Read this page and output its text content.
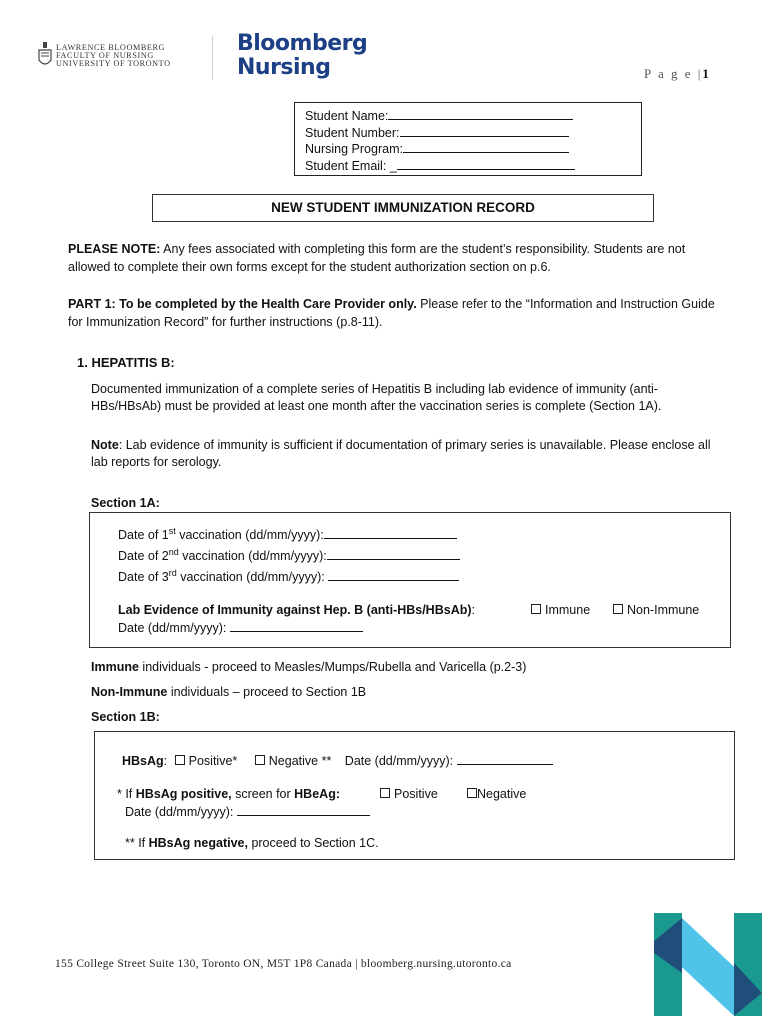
LAWRENCE BLOOMBERG
FACULTY OF NURSING
UNIVERSITY OF TORONTO
Bloomberg
Nursing	P a g e |1
Student Name:
Student Number:
Nursing Program:
Student Email: _
NEW STUDENT IMMUNIZATION RECORD
PLEASE NOTE: Any fees associated with completing this form are the student’s responsibility. Students are not allowed to complete their own forms except for the student authorization section on p.6.
PART 1: To be completed by the Health Care Provider only. Please refer to the “Information and Instruction Guide for Immunization Record” for further instructions (p.8-11).
1. HEPATITIS B:
Documented immunization of a complete series of Hepatitis B including lab evidence of immunity (anti-HBs/HBsAb) must be provided at least one month after the vaccination series is complete (Section 1A).
Note: Lab evidence of immunity is sufficient if documentation of primary series is unavailable. Please enclose all lab reports for serology.
Section 1A:
Date of 1st vaccination (dd/mm/yyyy):
Date of 2nd vaccination (dd/mm/yyyy):
Date of 3rd vaccination (dd/mm/yyyy):
Lab Evidence of Immunity against Hep. B (anti-HBs/HBsAb):	Immune	Non-Immune
Date (dd/mm/yyyy):
Immune individuals - proceed to Measles/Mumps/Rubella and Varicella (p.2-3)
Non-Immune individuals – proceed to Section 1B
Section 1B:
HBsAg: Positive*	Negative ** Date (dd/mm/yyyy):
* If HBsAg positive, screen for HBeAg:	Positive	Negative
Date (dd/mm/yyyy):
** If HBsAg negative, proceed to Section 1C.
155 College Street Suite 130, Toronto ON, M5T 1P8 Canada | bloomberg.nursing.utoronto.ca
